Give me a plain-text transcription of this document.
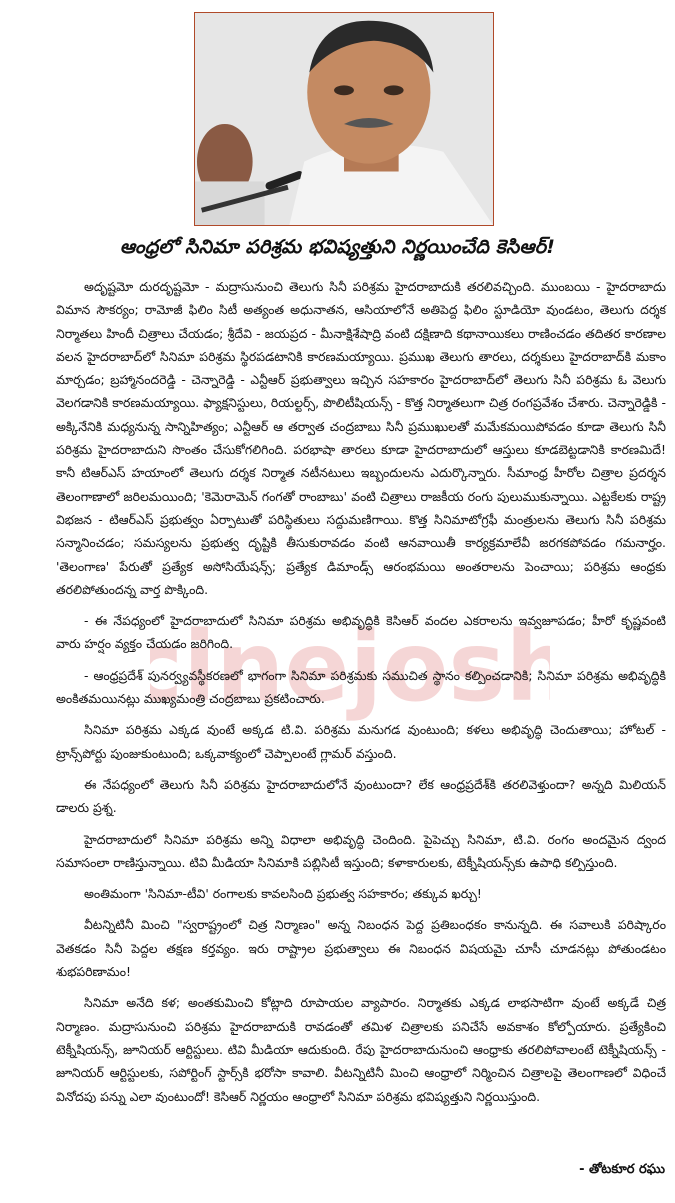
ఆంధ్రలో సినిమా పరిశ్రమ భవిష్యత్తుని నిర్ణయించేది కెసిఆర్!
cinejosh

అదృష్టమో దురదృష్టమో - మద్రాసునుంచి తెలుగు సినీ పరిశ్రమ హైదరాబాదుకి తరలివచ్చింది. ముంబయి - హైదరాబాదు విమాన సౌకర్యం; రామోజీ ఫిలిం సిటీ అత్యంత అధునాతన, ఆసియాలోనే అతిపెద్ద ఫిలిం స్టూడియో వుండటం, తెలుగు దర్శక నిర్మాతలు హిందీ చిత్రాలు చేయడం; శ్రీదేవి - జయప్రద - మీనాక్షిశేషాద్రి వంటి దక్షిణాది కథానాయికలు రాణించడం తదితర కారణాల వలన హైదరాబాద్‌లో సినిమా పరిశ్రమ స్థిరపడటానికి కారణమయ్యాయి. ప్రముఖ తెలుగు తారలు, దర్శకులు హైదరాబాద్‌కి మకాం మార్చడం; బ్రహ్మానందరెడ్డి - చెన్నారెడ్డి - ఎన్టీఆర్ ప్రభుత్వాలు ఇచ్చిన సహకారం హైదరాబాద్‌లో తెలుగు సినీ పరిశ్రమ ఓ వెలుగు వెలగడానికి కారణమయ్యాయి. ఫ్యాక్షనిస్టులు, రియల్టర్స్, పొలిటీషియన్స్ - కొత్త నిర్మాతలుగా చిత్ర రంగప్రవేశం చేశారు. చెన్నారెడ్డికి - అక్కినేనికి మధ్యనున్న సాన్నిహిత్యం; ఎన్టీఆర్ ఆ తర్వాత చంద్రబాబు సినీ ప్రముఖులతో మమేకమయిపోవడం కూడా తెలుగు సినీ పరిశ్రమ హైదరాబాదుని సొంతం చేసుకోగలిగింది. పరభాషా తారలు కూడా హైదరాబాదులో ఆస్తులు కూడబెట్టడానికి కారణమిదే! కానీ టిఆర్ఎస్ హయాంలో తెలుగు దర్శక నిర్మాత నటీనటులు ఇబ్బందులను ఎదుర్కొన్నారు. సీమాంధ్ర హీరోల చిత్రాల ప్రదర్శన తెలంగాణాలో జరిలమయింది; 'కెమెరామెన్ గంగతో రాంబాబు' వంటి చిత్రాలు రాజకీయ రంగు పులుముకున్నాయి. ఎట్టకేలకు రాష్ట్ర విభజన - టిఆర్ఎస్ ప్రభుత్వం ఏర్పాటుతో పరిస్థితులు సద్దుమణిగాయి. కొత్త సినిమాటోగ్రఫీ మంత్రులను తెలుగు సినీ పరిశ్రమ సన్మానించడం; సమస్యలను ప్రభుత్వ దృష్టికి తీసుకురావడం వంటి ఆనవాయితీ కార్యక్రమాలేవీ జరగకపోవడం గమనార్హం. 'తెలంగాణ' పేరుతో ప్రత్యేక అసోసియేషన్స్; ప్రత్యేక డిమాండ్స్ ఆరంభమయి అంతరాలను పెంచాయి; పరిశ్రమ ఆంధ్రకు తరలిపోతుందన్న వార్త పొక్కింది.

- ఈ నేపధ్యంలో హైదరాబాదులో సినిమా పరిశ్రమ అభివృద్ధికి కెసిఆర్ వందల ఎకరాలను ఇవ్వజూపడం; హీరో కృష్ణవంటి వారు హర్షం వ్యక్తం చేయడం జరిగింది.

- ఆంధ్రప్రదేశ్ పునర్వ్యవస్థీకరణలో భాగంగా సినిమా పరిశ్రమకు సముచిత స్థానం కల్పించడానికి; సినిమా పరిశ్రమ అభివృద్ధికి అంకితమయినట్లు ముఖ్యమంత్రి చంద్రబాబు ప్రకటించారు.

సినిమా పరిశ్రమ ఎక్కడ వుంటే అక్కడ టి.వి. పరిశ్రమ మనుగడ వుంటుంది; కళలు అభివృద్ధి చెందుతాయి; హోటల్ - ట్రాన్స్‌పోర్టు పుంజుకుంటుంది; ఒక్కవాక్యంలో చెప్పాలంటే గ్లామర్ వస్తుంది.

ఈ నేపధ్యంలో తెలుగు సినీ పరిశ్రమ హైదరాబాదులోనే వుంటుందా? లేక ఆంధ్రప్రదేశ్‌కి తరలివెళ్తుందా? అన్నది మిలియన్ డాలరు ప్రశ్న.

హైదరాబాదులో సినిమా పరిశ్రమ అన్ని విధాలా అభివృద్ధి చెందింది. పైపెచ్చు సినిమా, టి.వి. రంగం అందమైన ద్వంద సమాసంలా రాణిస్తున్నాయి. టివి మీడియా సినిమాకి పబ్లిసిటీ ఇస్తుంది; కళాకారులకు, టెక్నీషియన్స్‌కు ఉపాధి కల్పిస్తుంది.

అంతిమంగా 'సినిమా-టీవి' రంగాలకు కావలసింది ప్రభుత్వ సహకారం; తక్కువ ఖర్చు!

వీటన్నిటినీ మించి "స్వరాష్ట్రంలో చిత్ర నిర్మాణం" అన్న నిబంధన పెద్ద ప్రతిబంధకం కానున్నది. ఈ సవాలుకి పరిష్కారం వెతకడం సినీ పెద్దల తక్షణ కర్తవ్యం. ఇరు రాష్ట్రాల ప్రభుత్వాలు ఈ నిబంధన విషయమై చూసీ చూడనట్లు పోతుండటం శుభపరిణామం!

సినిమా అనేది కళ; అంతకుమించి కోట్లాది రూపాయల వ్యాపారం. నిర్మాతకు ఎక్కడ లాభసాటిగా వుంటే అక్కడే చిత్ర నిర్మాణం. మద్రాసునుంచి పరిశ్రమ హైదరాబాదుకి రావడంతో తమిళ చిత్రాలకు పనిచేసే అవకాశం కోల్పోయారు. ప్రత్యేకించి టెక్నీషియన్స్, జూనియర్ ఆర్టిస్టులు. టివి మీడియా ఆదుకుంది. రేపు హైదరాబాదునుంచి ఆంధ్రాకు తరలిపోవాలంటే టెక్నీషియన్స్ - జూనియర్ ఆర్టిస్టులకు, సపోర్టింగ్ స్టార్స్‌కి భరోసా కావాలి. వీటన్నిటినీ మించి ఆంధ్రాలో నిర్మించిన చిత్రాలపై తెలంగాణలో విధించే వినోదపు పన్ను ఎలా వుంటుందో! కెసిఆర్ నిర్ణయం ఆంధ్రాలో సినిమా పరిశ్రమ భవిష్యత్తుని నిర్ణయిస్తుంది.

- తోటకూర రఘు
